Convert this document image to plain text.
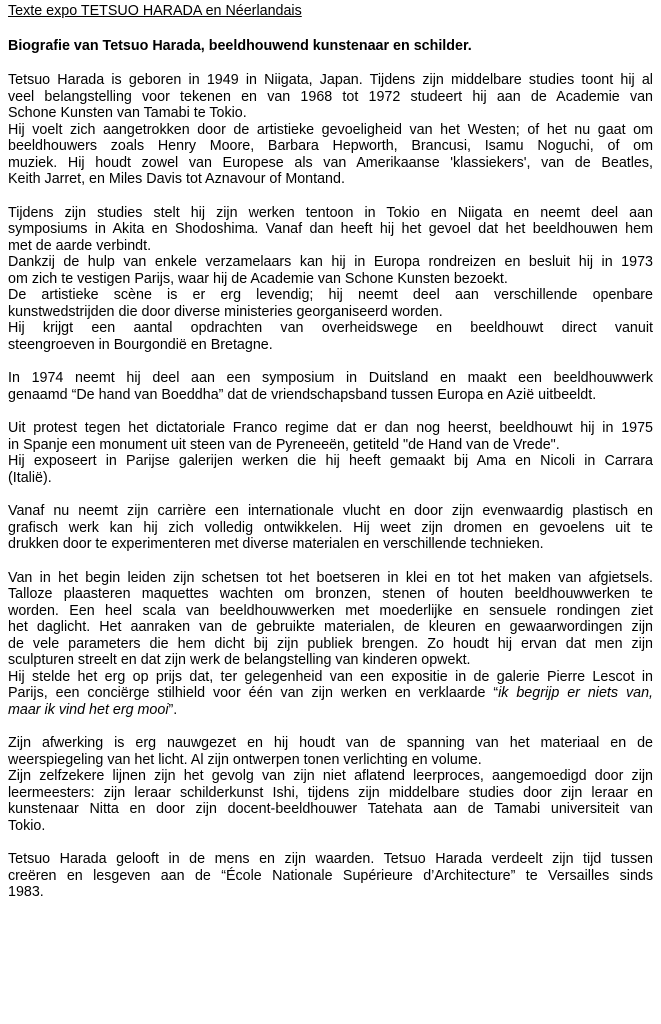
Texte expo TETSUO HARADA en Néerlandais
Biografie van Tetsuo Harada, beeldhouwend kunstenaar en schilder.
Tetsuo Harada is geboren in 1949 in Niigata, Japan. Tijdens zijn middelbare studies toont hij al
veel belangstelling voor tekenen en van 1968 tot 1972 studeert hij aan de Academie van
Schone Kunsten van Tamabi te Tokio.
Hij voelt zich aangetrokken door de artistieke gevoeligheid van het Westen; of het nu gaat om
beeldhouwers zoals Henry Moore, Barbara Hepworth, Brancusi, Isamu Noguchi, of om
muziek. Hij houdt zowel van Europese als van Amerikaanse 'klassiekers', van de Beatles,
Keith Jarret, en Miles Davis tot Aznavour of Montand.
Tijdens zijn studies stelt hij zijn werken tentoon in Tokio en Niigata en neemt deel aan
symposiums in Akita en Shodoshima. Vanaf dan heeft hij het gevoel dat het beeldhouwen hem
met de aarde verbindt.
Dankzij de hulp van enkele verzamelaars kan hij in Europa rondreizen en besluit hij in 1973
om zich te vestigen Parijs, waar hij de Academie van Schone Kunsten bezoekt.
De artistieke scène is er erg levendig; hij neemt deel aan verschillende openbare
kunstwedstrijden die door diverse ministeries georganiseerd worden.
Hij krijgt een aantal opdrachten van overheidswege en beeldhouwt direct vanuit
steengroeven in Bourgondië en Bretagne.
In 1974 neemt hij deel aan een symposium in Duitsland en maakt een beeldhouwwerk
genaamd “De hand van Boeddha” dat de vriendschapsband tussen Europa en Azië uitbeeldt.
Uit protest tegen het dictatoriale Franco regime dat er dan nog heerst, beeldhouwt hij in 1975
in Spanje een monument uit steen van de Pyreneeën, getiteld "de Hand van de Vrede".
Hij exposeert in Parijse galerijen werken die hij heeft gemaakt bij Ama en Nicoli in Carrara
(Italië).
Vanaf nu neemt zijn carrière een internationale vlucht en door zijn evenwaardig plastisch en
grafisch werk kan hij zich volledig ontwikkelen. Hij weet zijn dromen en gevoelens uit te
drukken door te experimenteren met diverse materialen en verschillende technieken.
Van in het begin leiden zijn schetsen tot het boetseren in klei en tot het maken van afgietsels.
Talloze plaasteren maquettes wachten om bronzen, stenen of houten beeldhouwwerken te
worden. Een heel scala van beeldhouwwerken met moederlijke en sensuele rondingen ziet
het daglicht. Het aanraken van de gebruikte materialen, de kleuren en gewaarwordingen zijn
de vele parameters die hem dicht bij zijn publiek brengen. Zo houdt hij ervan dat men zijn
sculpturen streelt en dat zijn werk de belangstelling van kinderen opwekt.
Hij stelde het erg op prijs dat, ter gelegenheid van een expositie in de galerie Pierre Lescot in
Parijs, een conciërge stilhield voor één van zijn werken en verklaarde “ik begrijp er niets van,
maar ik vind het erg mooi”.
Zijn afwerking is erg nauwgezet en hij houdt van de spanning van het materiaal en de
weerspiegeling van het licht. Al zijn ontwerpen tonen verlichting en volume.
Zijn zelfzekere lijnen zijn het gevolg van zijn niet aflatend leerproces, aangemoedigd door zijn
leermeesters: zijn leraar schilderkunst Ishi, tijdens zijn middelbare studies door zijn leraar en
kunstenaar Nitta en door zijn docent-beeldhouwer Tatehata aan de Tamabi universiteit van
Tokio.
Tetsuo Harada gelooft in de mens en zijn waarden. Tetsuo Harada verdeelt zijn tijd tussen
creëren en lesgeven aan de “École Nationale Supérieure d’Architecture” te Versailles sinds
1983.
